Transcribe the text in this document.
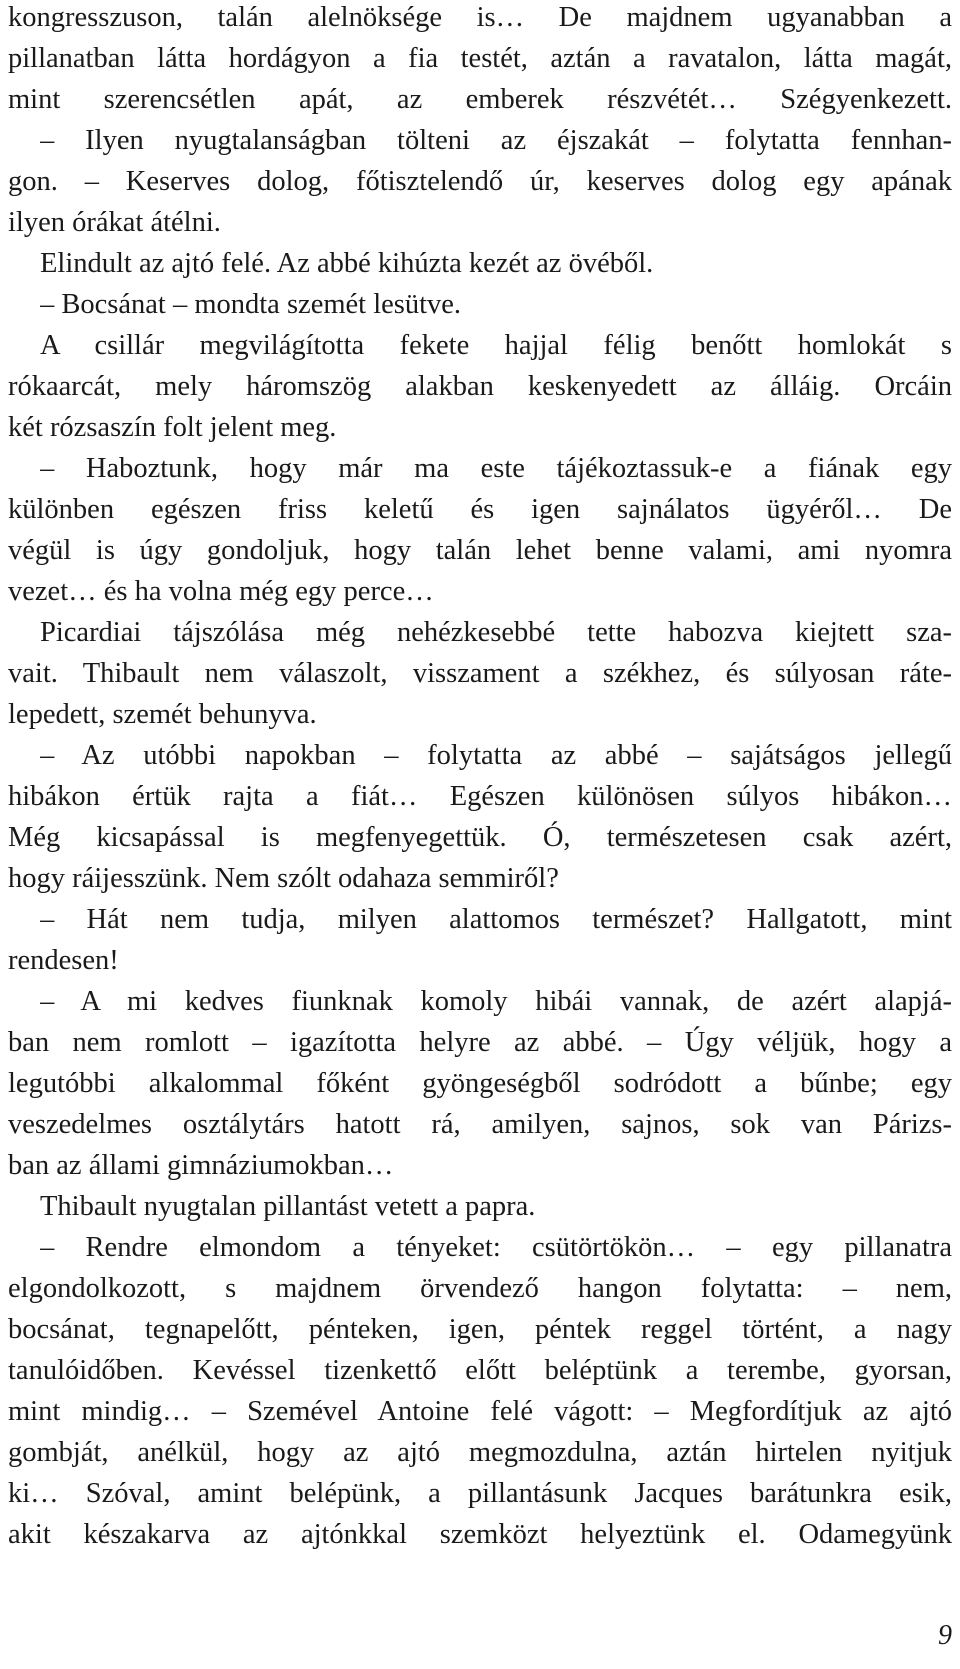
kongresszuson, talán alelnöksége is… De majdnem ugyanabban a
pillanatban látta hordágyon a fia testét, aztán a ravatalon, látta magát,
mint szerencsétlen apát, az emberek részvétét… Szégyenkezett.
– Ilyen nyugtalanságban tölteni az éjszakát – folytatta fennhan-
gon. – Keserves dolog, főtisztelendő úr, keserves dolog egy apának
ilyen órákat átélni.
Elindult az ajtó felé. Az abbé kihúzta kezét az övéből.
– Bocsánat – mondta szemét lesütve.
A csillár megvilágította fekete hajjal félig benőtt homlokát s
rókaarcát, mely háromszög alakban keskenyedett az álláig. Orcáin
két rózsaszín folt jelent meg.
– Haboztunk, hogy már ma este tájékoztassuk-e a fiának egy
különben egészen friss keletű és igen sajnálatos ügyéről… De
végül is úgy gondoljuk, hogy talán lehet benne valami, ami nyomra
vezet… és ha volna még egy perce…
Picardiai tájszólása még nehézkesebbé tette habozva kiejtett sza-
vait. Thibault nem válaszolt, visszament a székhez, és súlyosan ráte-
lepedett, szemét behunyva.
– Az utóbbi napokban – folytatta az abbé – sajátságos jellegű
hibákon értük rajta a fiát… Egészen különösen súlyos hibákon…
Még kicsapással is megfenyegettük. Ó, természetesen csak azért,
hogy ráijesszünk. Nem szólt odahaza semmiről?
– Hát nem tudja, milyen alattomos természet? Hallgatott, mint
rendesen!
– A mi kedves fiunknak komoly hibái vannak, de azért alapjá-
ban nem romlott – igazította helyre az abbé. – Úgy véljük, hogy a
legutóbbi alkalommal főként gyöngeségből sodródott a bűnbe; egy
veszedelmes osztálytárs hatott rá, amilyen, sajnos, sok van Párizs-
ban az állami gimnáziumokban…
Thibault nyugtalan pillantást vetett a papra.
– Rendre elmondom a tényeket: csütörtökön… – egy pillanatra
elgondolkozott, s majdnem örvendező hangon folytatta: – nem,
bocsánat, tegnapelőtt, pénteken, igen, péntek reggel történt, a nagy
tanulóidőben. Kevéssel tizenkettő előtt beléptünk a terembe, gyorsan,
mint mindig… – Szemével Antoine felé vágott: – Megfordítjuk az ajtó
gombját, anélkül, hogy az ajtó megmozdulna, aztán hirtelen nyitjuk
ki… Szóval, amint belépünk, a pillantásunk Jacques barátunkra esik,
akit készakarva az ajtónkkal szemközt helyeztünk el. Odamegyünk
9
